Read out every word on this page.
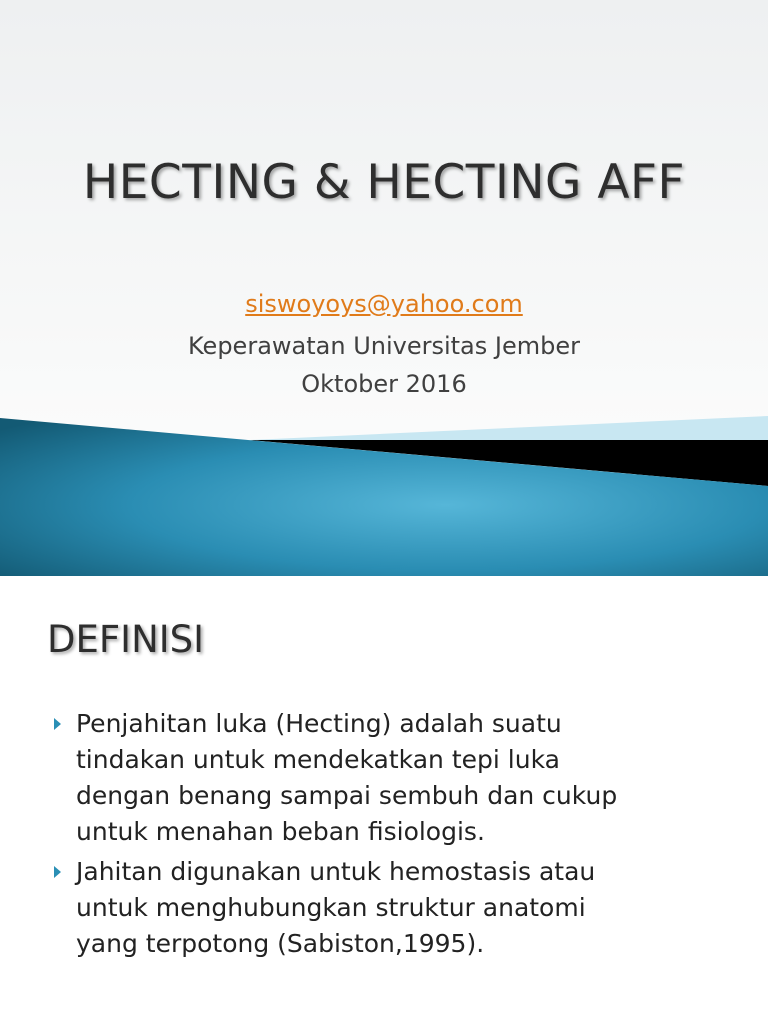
HECTING & HECTING AFF
siswoyoys@yahoo.com
Keperawatan Universitas Jember
Oktober 2016
DEFINISI
Penjahitan luka (Hecting) adalah suatu
tindakan untuk mendekatkan tepi luka
dengan benang sampai sembuh dan cukup
untuk menahan beban fisiologis.
Jahitan digunakan untuk hemostasis atau
untuk menghubungkan struktur anatomi
yang terpotong (Sabiston,1995).
